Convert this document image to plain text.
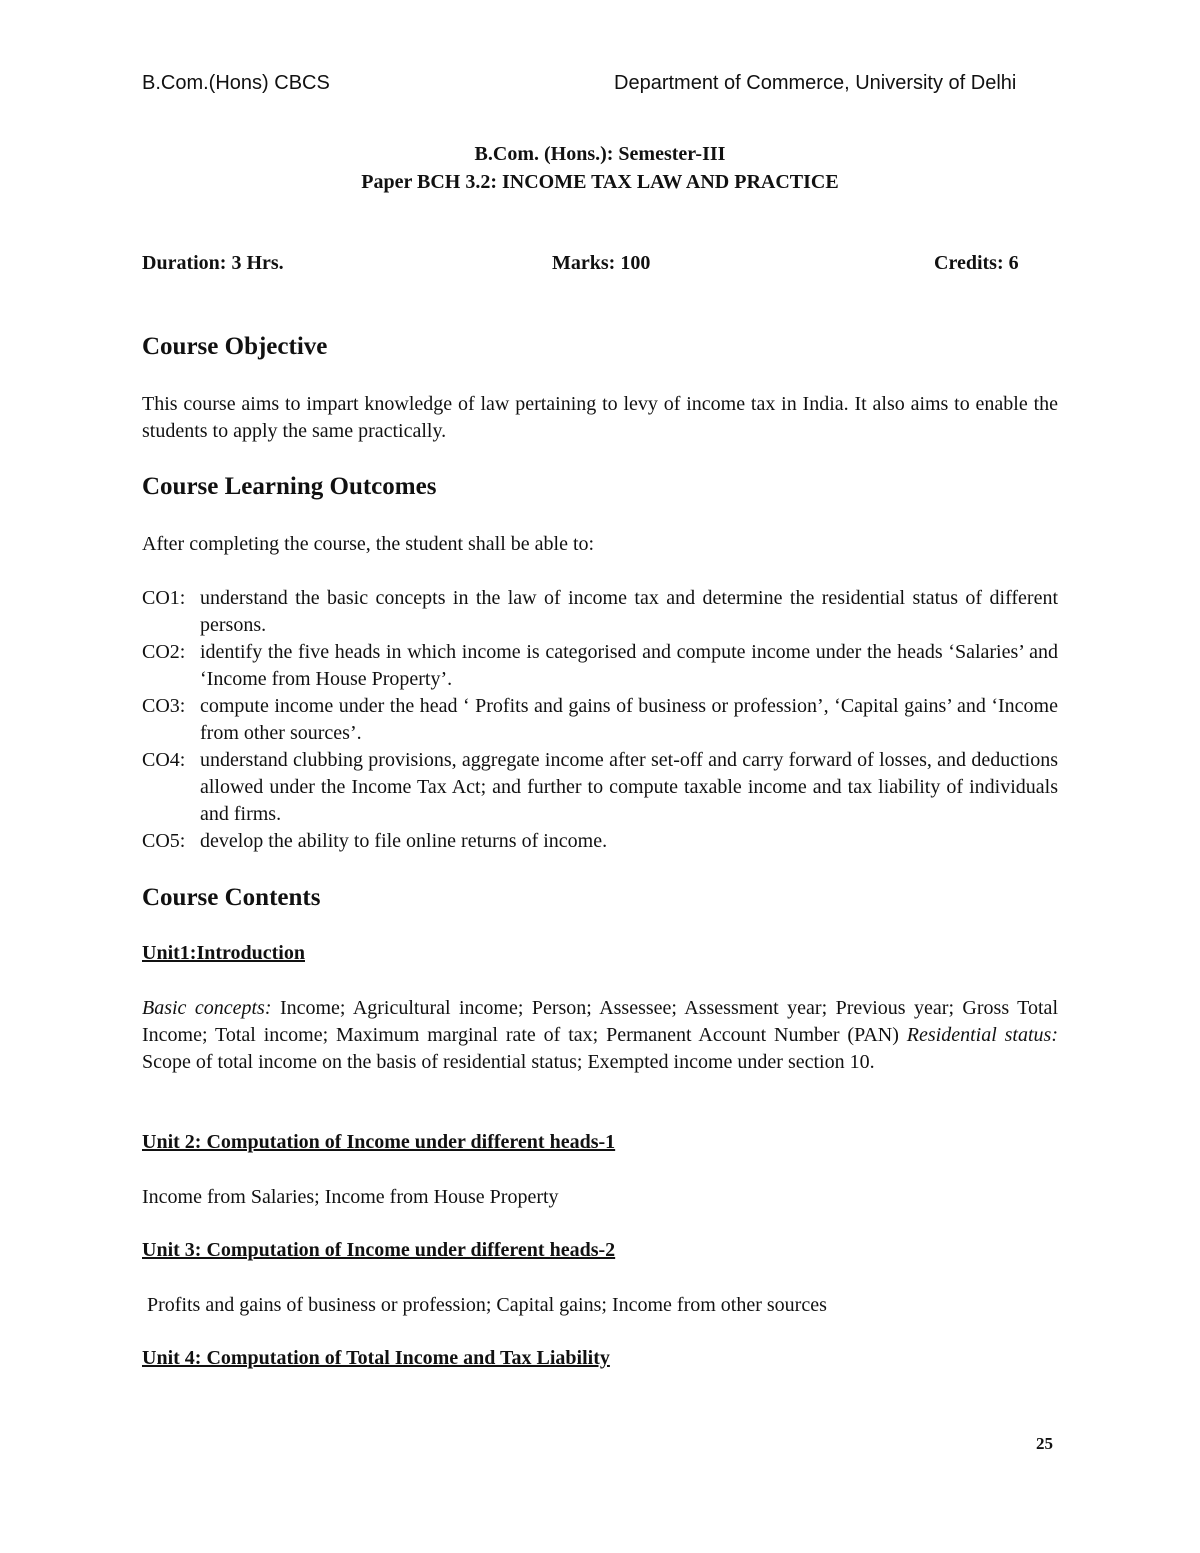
B.Com.(Hons) CBCS	Department of Commerce, University of Delhi
B.Com. (Hons.): Semester-III
Paper BCH 3.2: INCOME TAX LAW AND PRACTICE
Duration: 3 Hrs.	Marks: 100	Credits: 6
Course Objective
This course aims to impart knowledge of law pertaining to levy of income tax in India. It also aims to enable the students to apply the same practically.
Course Learning Outcomes
After completing the course, the student shall be able to:
CO1: understand the basic concepts in the law of income tax and determine the residential status of different persons.
CO2: identify the five heads in which income is categorised and compute income under the heads ‘Salaries’ and ‘Income from House Property’.
CO3: compute income under the head ‘ Profits and gains of business or profession’, ‘Capital gains’ and ‘Income from other sources’.
CO4: understand clubbing provisions, aggregate income after set-off and carry forward of losses, and deductions allowed under the Income Tax Act; and further to compute taxable income and tax liability of individuals and firms.
CO5: develop the ability to file online returns of income.
Course Contents
Unit1:Introduction
Basic concepts: Income; Agricultural income; Person; Assessee; Assessment year; Previous year; Gross Total Income; Total income; Maximum marginal rate of tax; Permanent Account Number (PAN) Residential status: Scope of total income on the basis of residential status; Exempted income under section 10.
Unit 2: Computation of Income under different heads-1
Income from Salaries; Income from House Property
Unit 3: Computation of Income under different heads-2
Profits and gains of business or profession; Capital gains; Income from other sources
Unit 4: Computation of Total Income and Tax Liability
25
